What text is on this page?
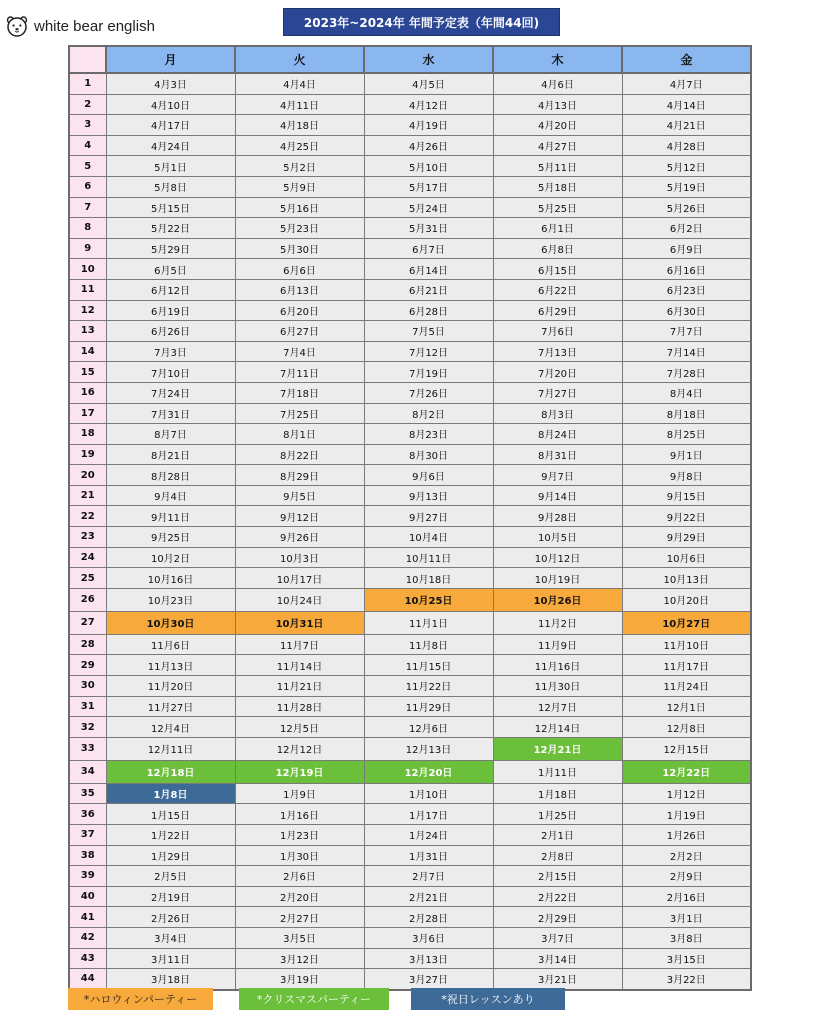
white bear english	2023年~2024年 年間予定表（年間44回)
	月	火	水	木	金
1	4月3日	4月4日	4月5日	4月6日	4月7日
2	4月10日	4月11日	4月12日	4月13日	4月14日
3	4月17日	4月18日	4月19日	4月20日	4月21日
4	4月24日	4月25日	4月26日	4月27日	4月28日
5	5月1日	5月2日	5月10日	5月11日	5月12日
6	5月8日	5月9日	5月17日	5月18日	5月19日
7	5月15日	5月16日	5月24日	5月25日	5月26日
8	5月22日	5月23日	5月31日	6月1日	6月2日
9	5月29日	5月30日	6月7日	6月8日	6月9日
10	6月5日	6月6日	6月14日	6月15日	6月16日
11	6月12日	6月13日	6月21日	6月22日	6月23日
12	6月19日	6月20日	6月28日	6月29日	6月30日
13	6月26日	6月27日	7月5日	7月6日	7月7日
14	7月3日	7月4日	7月12日	7月13日	7月14日
15	7月10日	7月11日	7月19日	7月20日	7月28日
16	7月24日	7月18日	7月26日	7月27日	8月4日
17	7月31日	7月25日	8月2日	8月3日	8月18日
18	8月7日	8月1日	8月23日	8月24日	8月25日
19	8月21日	8月22日	8月30日	8月31日	9月1日
20	8月28日	8月29日	9月6日	9月7日	9月8日
21	9月4日	9月5日	9月13日	9月14日	9月15日
22	9月11日	9月12日	9月27日	9月28日	9月22日
23	9月25日	9月26日	10月4日	10月5日	9月29日
24	10月2日	10月3日	10月11日	10月12日	10月6日
25	10月16日	10月17日	10月18日	10月19日	10月13日
26	10月23日	10月24日	10月25日	10月26日	10月20日
27	10月30日	10月31日	11月1日	11月2日	10月27日
28	11月6日	11月7日	11月8日	11月9日	11月10日
29	11月13日	11月14日	11月15日	11月16日	11月17日
30	11月20日	11月21日	11月22日	11月30日	11月24日
31	11月27日	11月28日	11月29日	12月7日	12月1日
32	12月4日	12月5日	12月6日	12月14日	12月8日
33	12月11日	12月12日	12月13日	12月21日	12月15日
34	12月18日	12月19日	12月20日	1月11日	12月22日
35	1月8日	1月9日	1月10日	1月18日	1月12日
36	1月15日	1月16日	1月17日	1月25日	1月19日
37	1月22日	1月23日	1月24日	2月1日	1月26日
38	1月29日	1月30日	1月31日	2月8日	2月2日
39	2月5日	2月6日	2月7日	2月15日	2月9日
40	2月19日	2月20日	2月21日	2月22日	2月16日
41	2月26日	2月27日	2月28日	2月29日	3月1日
42	3月4日	3月5日	3月6日	3月7日	3月8日
43	3月11日	3月12日	3月13日	3月14日	3月15日
44	3月18日	3月19日	3月27日	3月21日	3月22日
*ハロウィンパーティー	*クリスマスパーティー	*祝日レッスンあり
